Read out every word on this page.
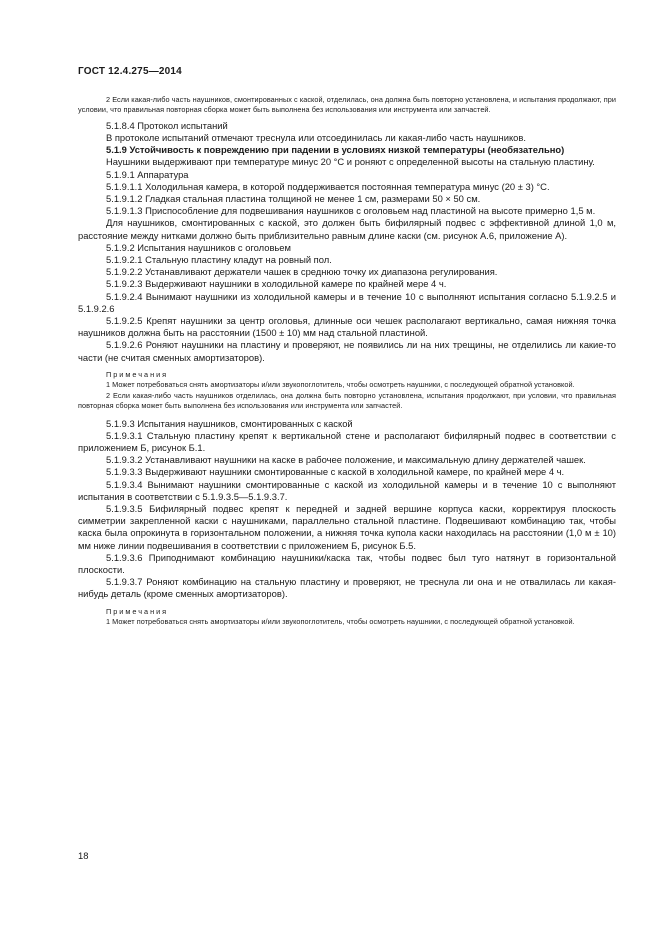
ГОСТ 12.4.275—2014

2 Если какая-либо часть наушников, смонтированных с каской, отделилась, она должна быть повторно установлена, и испытания продолжают, при условии, что правильная повторная сборка может быть выполнена без использования или инструмента или запчастей.

5.1.8.4 Протокол испытаний

В протоколе испытаний отмечают треснула или отсоединилась ли какая-либо часть наушников.

5.1.9 Устойчивость к повреждению при падении в условиях низкой температуры (необязательно)

Наушники выдерживают при температуре минус 20 °С и роняют с определенной высоты на стальную пластину.

5.1.9.1 Аппаратура

5.1.9.1.1 Холодильная камера, в которой поддерживается постоянная температура минус (20 ± 3) °С.

5.1.9.1.2 Гладкая стальная пластина толщиной не менее 1 см, размерами 50 × 50 см.

5.1.9.1.3 Приспособление для подвешивания наушников с оголовьем над пластиной на высоте примерно 1,5 м.

Для наушников, смонтированных с каской, это должен быть бифилярный подвес с эффективной длиной 1,0 м, расстояние между нитками должно быть приблизительно равным длине каски (см. рисунок А.6, приложение А).

5.1.9.2 Испытания наушников с оголовьем

5.1.9.2.1 Стальную пластину кладут на ровный пол.

5.1.9.2.2 Устанавливают держатели чашек в среднюю точку их диапазона регулирования.

5.1.9.2.3 Выдерживают наушники в холодильной камере по крайней мере 4 ч.

5.1.9.2.4 Вынимают наушники из холодильной камеры и в течение 10 с выполняют испытания согласно 5.1.9.2.5 и 5.1.9.2.6

5.1.9.2.5 Крепят наушники за центр оголовья, длинные оси чешек располагают вертикально, самая нижняя точка наушников должна быть на расстоянии (1500 ± 10) мм над стальной пластиной.

5.1.9.2.6 Роняют наушники на пластину и проверяют, не появились ли на них трещины, не отделились ли какие-то части (не считая сменных амортизаторов).

Примечания

1 Может потребоваться снять амортизаторы и/или звукопоглотитель, чтобы осмотреть наушники, с последующей обратной установкой.

2 Если какая-либо часть наушников отделилась, она должна быть повторно установлена, испытания продолжают, при условии, что правильная повторная сборка может быть выполнена без использования или инструмента или запчастей.

5.1.9.3 Испытания наушников, смонтированных с каской

5.1.9.3.1 Стальную пластину крепят к вертикальной стене и располагают бифилярный подвес в соответствии с приложением Б, рисунок Б.1.

5.1.9.3.2 Устанавливают наушники на каске в рабочее положение, и максимальную длину держателей чашек.

5.1.9.3.3 Выдерживают наушники смонтированные с каской в холодильной камере, по крайней мере 4 ч.

5.1.9.3.4 Вынимают наушники смонтированные с каской из холодильной камеры и в течение 10 с выполняют испытания в соответствии с 5.1.9.3.5—5.1.9.3.7.

5.1.9.3.5 Бифилярный подвес крепят к передней и задней вершине корпуса каски, корректируя плоскость симметрии закрепленной каски с наушниками, параллельно стальной пластине. Подвешивают комбинацию так, чтобы каска была опрокинута в горизонтальном положении, а нижняя точка купола каски находилась на расстоянии (1,0 м ± 10) мм ниже линии подвешивания в соответствии с приложением Б, рисунок Б.5.

5.1.9.3.6 Приподнимают комбинацию наушники/каска так, чтобы подвес был туго натянут в горизонтальной плоскости.

5.1.9.3.7 Роняют комбинацию на стальную пластину и проверяют, не треснула ли она и не отвалилась ли какая-нибудь деталь (кроме сменных амортизаторов).

Примечания

1 Может потребоваться снять амортизаторы и/или звукопоглотитель, чтобы осмотреть наушники, с последующей обратной установкой.

18
